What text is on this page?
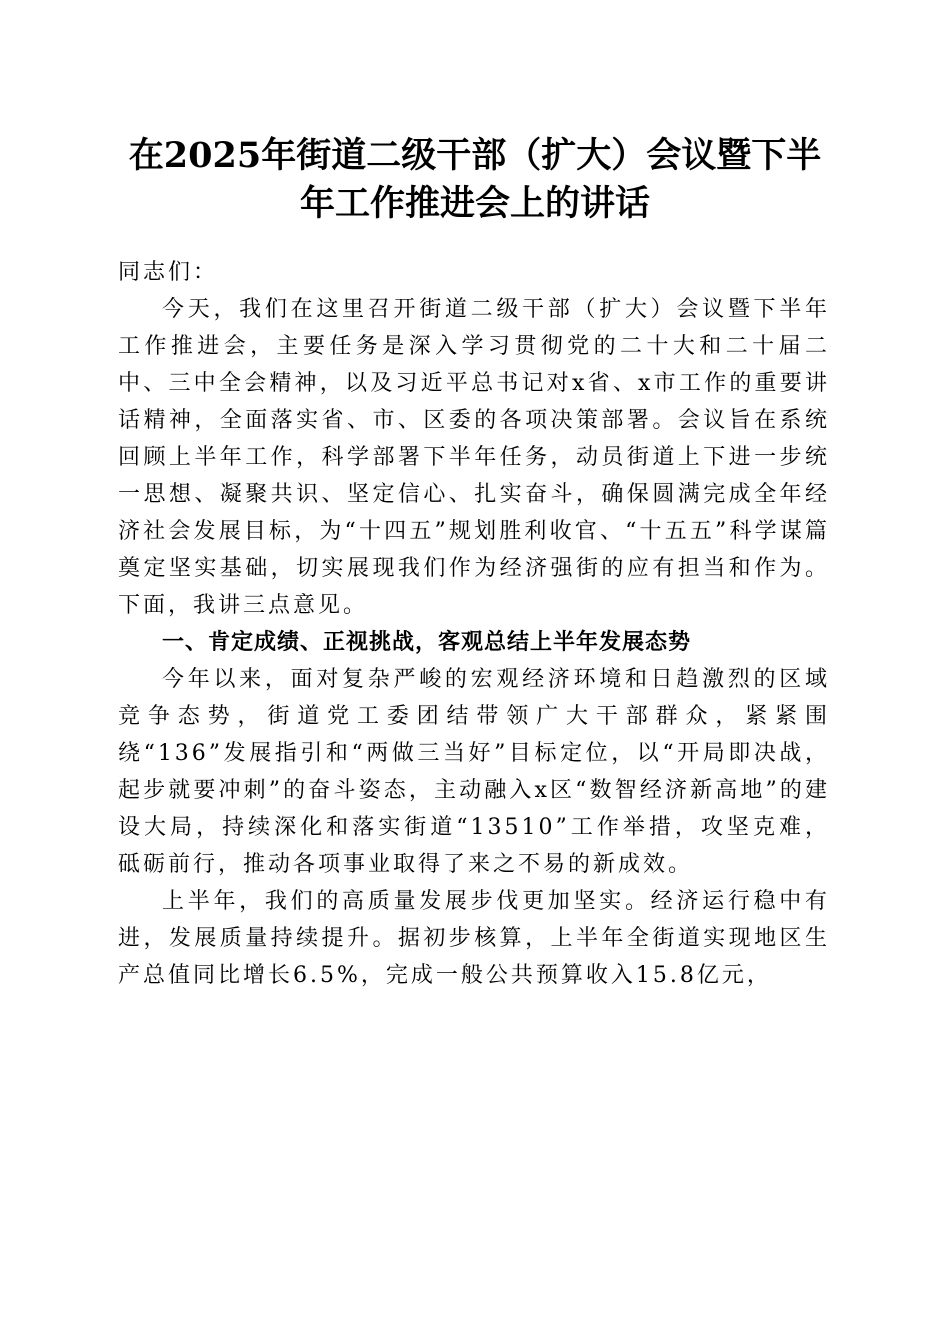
在2025年街道二级干部（扩大）会议暨下半
年工作推进会上的讲话

同志们：

今天，我们在这里召开街道二级干部（扩大）会议暨下半年工作推进会，主要任务是深入学习贯彻党的二十大和二十届二中、三中全会精神，以及习近平总书记对x省、x市工作的重要讲话精神，全面落实省、市、区委的各项决策部署。会议旨在系统回顾上半年工作，科学部署下半年任务，动员街道上下进一步统一思想、凝聚共识、坚定信心、扎实奋斗，确保圆满完成全年经济社会发展目标，为“十四五”规划胜利收官、“十五五”科学谋篇奠定坚实基础，切实展现我们作为经济强街的应有担当和作为。下面，我讲三点意见。

一、肯定成绩、正视挑战，客观总结上半年发展态势

今年以来，面对复杂严峻的宏观经济环境和日趋激烈的区域竞争态势，街道党工委团结带领广大干部群众，紧紧围绕“136”发展指引和“两做三当好”目标定位，以“开局即决战，起步就要冲刺”的奋斗姿态，主动融入x区“数智经济新高地”的建设大局，持续深化和落实街道“13510”工作举措，攻坚克难，砥砺前行，推动各项事业取得了来之不易的新成效。

上半年，我们的高质量发展步伐更加坚实。经济运行稳中有进，发展质量持续提升。据初步核算，上半年全街道实现地区生产总值同比增长6.5%，完成一般公共预算收入15.8亿元，
